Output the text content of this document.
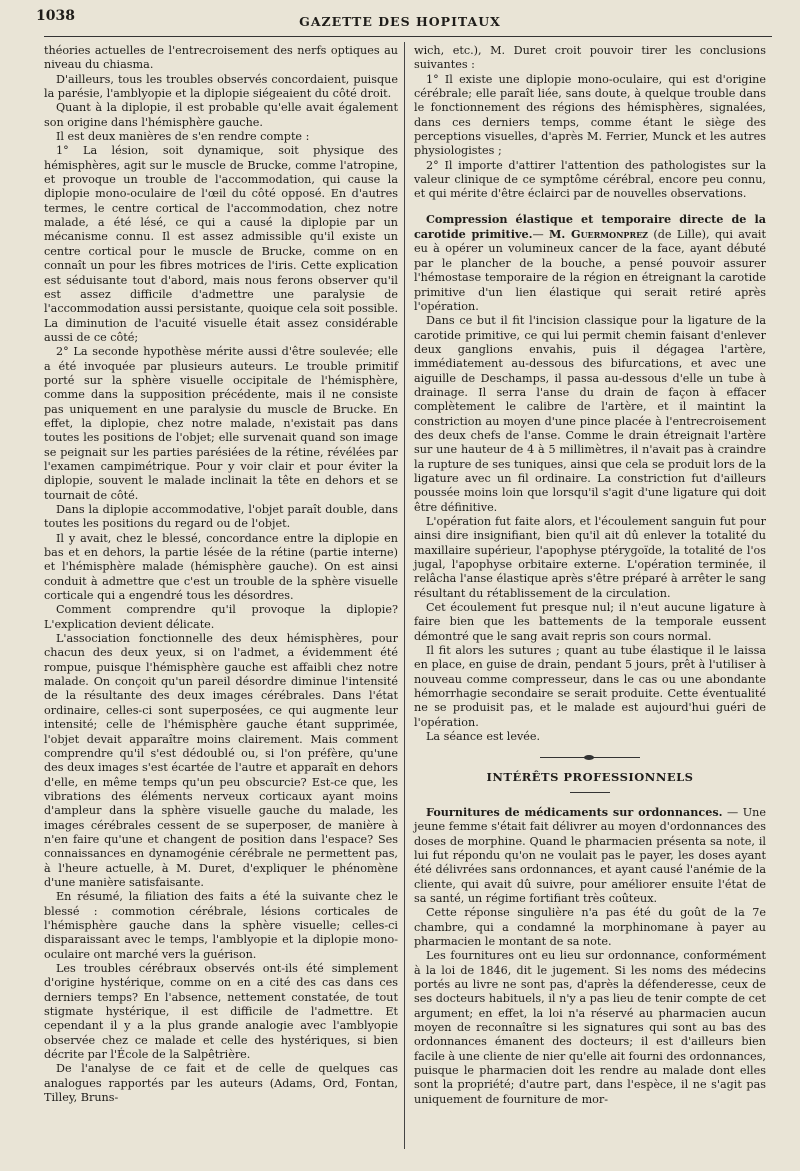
1038	GAZETTE DES HOPITAUX

théories actuelles de l'entrecroisement des nerfs optiques au niveau du chiasma.

D'ailleurs, tous les troubles observés concordaient, puisque la parésie, l'amblyopie et la diplopie siégeaient du côté droit.

Quant à la diplopie, il est probable qu'elle avait également son origine dans l'hémisphère gauche.

Il est deux manières de s'en rendre compte :

1° La lésion, soit dynamique, soit physique des hémisphères, agit sur le muscle de Brucke, comme l'atropine, et provoque un trouble de l'accommodation, qui cause la diplopie mono-oculaire de l'œil du côté opposé. En d'autres termes, le centre cortical de l'accommodation, chez notre malade, a été lésé, ce qui a causé la diplopie par un mécanisme connu. Il est assez admissible qu'il existe un centre cortical pour le muscle de Brucke, comme on en connaît un pour les fibres motrices de l'iris. Cette explication est séduisante tout d'abord, mais nous ferons observer qu'il est assez difficile d'admettre une paralysie de l'accommodation aussi persistante, quoique cela soit possible. La diminution de l'acuité visuelle était assez considérable aussi de ce côté;

2° La seconde hypothèse mérite aussi d'être soulevée; elle a été invoquée par plusieurs auteurs. Le trouble primitif porté sur la sphère visuelle occipitale de l'hémisphère, comme dans la supposition précédente, mais il ne consiste pas uniquement en une paralysie du muscle de Brucke. En effet, la diplopie, chez notre malade, n'existait pas dans toutes les positions de l'objet; elle survenait quand son image se peignait sur les parties parésiées de la rétine, révélées par l'examen campimétrique. Pour y voir clair et pour éviter la diplopie, souvent le malade inclinait la tête en dehors et se tournait de côté.

Dans la diplopie accommodative, l'objet paraît double, dans toutes les positions du regard ou de l'objet.

Il y avait, chez le blessé, concordance entre la diplopie en bas et en dehors, la partie lésée de la rétine (partie interne) et l'hémisphère malade (hémisphère gauche). On est ainsi conduit à admettre que c'est un trouble de la sphère visuelle corticale qui a engendré tous les désordres.

Comment comprendre qu'il provoque la diplopie? L'explication devient délicate.

L'association fonctionnelle des deux hémisphères, pour chacun des deux yeux, si on l'admet, a évidemment été rompue, puisque l'hémisphère gauche est affaibli chez notre malade. On conçoit qu'un pareil désordre diminue l'intensité de la résultante des deux images cérébrales. Dans l'état ordinaire, celles-ci sont superposées, ce qui augmente leur intensité; celle de l'hémisphère gauche étant supprimée, l'objet devait apparaître moins clairement. Mais comment comprendre qu'il s'est dédoublé ou, si l'on préfère, qu'une des deux images s'est écartée de l'autre et apparaît en dehors d'elle, en même temps qu'un peu obscurcie? Est-ce que, les vibrations des éléments nerveux corticaux ayant moins d'ampleur dans la sphère visuelle gauche du malade, les images cérébrales cessent de se superposer, de manière à n'en faire qu'une et changent de position dans l'espace? Ses connaissances en dynamogénie cérébrale ne permettent pas, à l'heure actuelle, à M. Duret, d'expliquer le phénomène d'une manière satisfaisante.

En résumé, la filiation des faits a été la suivante chez le blessé : commotion cérébrale, lésions corticales de l'hémisphère gauche dans la sphère visuelle; celles-ci disparaissant avec le temps, l'amblyopie et la diplopie mono-oculaire ont marché vers la guérison.

Les troubles cérébraux observés ont-ils été simplement d'origine hystérique, comme on en a cité des cas dans ces derniers temps? En l'absence, nettement constatée, de tout stigmate hystérique, il est difficile de l'admettre. Et cependant il y a la plus grande analogie avec l'amblyopie observée chez ce malade et celle des hystériques, si bien décrite par l'École de la Salpêtrière.

De l'analyse de ce fait et de celle de quelques cas analogues rapportés par les auteurs (Adams, Ord, Fontan, Tilley, Bruns-

wich, etc.), M. Duret croit pouvoir tirer les conclusions suivantes :

1° Il existe une diplopie mono-oculaire, qui est d'origine cérébrale; elle paraît liée, sans doute, à quelque trouble dans le fonctionnement des régions des hémisphères, signalées, dans ces derniers temps, comme étant le siège des perceptions visuelles, d'après M. Ferrier, Munck et les autres physiologistes ;

2° Il importe d'attirer l'attention des pathologistes sur la valeur clinique de ce symptôme cérébral, encore peu connu, et qui mérite d'être éclairci par de nouvelles observations.

Compression élastique et temporaire directe de la carotide primitive.— M. Guermonprez (de Lille), qui avait eu à opérer un volumineux cancer de la face, ayant débuté par le plancher de la bouche, a pensé pouvoir assurer l'hémostase temporaire de la région en étreignant la carotide primitive d'un lien élastique qui serait retiré après l'opération.

Dans ce but il fit l'incision classique pour la ligature de la carotide primitive, ce qui lui permit chemin faisant d'enlever deux ganglions envahis, puis il dégagea l'artère, immédiatement au-dessous des bifurcations, et avec une aiguille de Deschamps, il passa au-dessous d'elle un tube à drainage. Il serra l'anse du drain de façon à effacer complètement le calibre de l'artère, et il maintint la constriction au moyen d'une pince placée à l'entrecroisement des deux chefs de l'anse. Comme le drain étreignait l'artère sur une hauteur de 4 à 5 millimètres, il n'avait pas à craindre la rupture de ses tuniques, ainsi que cela se produit lors de la ligature avec un fil ordinaire. La constriction fut d'ailleurs poussée moins loin que lorsqu'il s'agit d'une ligature qui doit être définitive.

L'opération fut faite alors, et l'écoulement sanguin fut pour ainsi dire insignifiant, bien qu'il ait dû enlever la totalité du maxillaire supérieur, l'apophyse ptérygoïde, la totalité de l'os jugal, l'apophyse orbitaire externe. L'opération terminée, il relâcha l'anse élastique après s'être préparé à arrêter le sang résultant du rétablissement de la circulation.

Cet écoulement fut presque nul; il n'eut aucune ligature à faire bien que les battements de la temporale eussent démontré que le sang avait repris son cours normal.

Il fit alors les sutures ; quant au tube élastique il le laissa en place, en guise de drain, pendant 5 jours, prêt à l'utiliser à nouveau comme compresseur, dans le cas ou une abondante hémorrhagie secondaire se serait produite. Cette éventualité ne se produisit pas, et le malade est aujourd'hui guéri de l'opération.

La séance est levée.

INTÉRÊTS PROFESSIONNELS

Fournitures de médicaments sur ordonnances. — Une jeune femme s'était fait délivrer au moyen d'ordonnances des doses de morphine. Quand le pharmacien présenta sa note, il lui fut répondu qu'on ne voulait pas le payer, les doses ayant été délivrées sans ordonnances, et ayant causé l'anémie de la cliente, qui avait dû suivre, pour améliorer ensuite l'état de sa santé, un régime fortifiant très coûteux.

Cette réponse singulière n'a pas été du goût de la 7e chambre, qui a condamné la morphinomane à payer au pharmacien le montant de sa note.

Les fournitures ont eu lieu sur ordonnance, conformément à la loi de 1846, dit le jugement. Si les noms des médecins portés au livre ne sont pas, d'après la défenderesse, ceux de ses docteurs habituels, il n'y a pas lieu de tenir compte de cet argument; en effet, la loi n'a réservé au pharmacien aucun moyen de reconnaître si les signatures qui sont au bas des ordonnances émanent des docteurs; il est d'ailleurs bien facile à une cliente de nier qu'elle ait fourni des ordonnances, puisque le pharmacien doit les rendre au malade dont elles sont la propriété; d'autre part, dans l'espèce, il ne s'agit pas uniquement de fourniture de mor-
